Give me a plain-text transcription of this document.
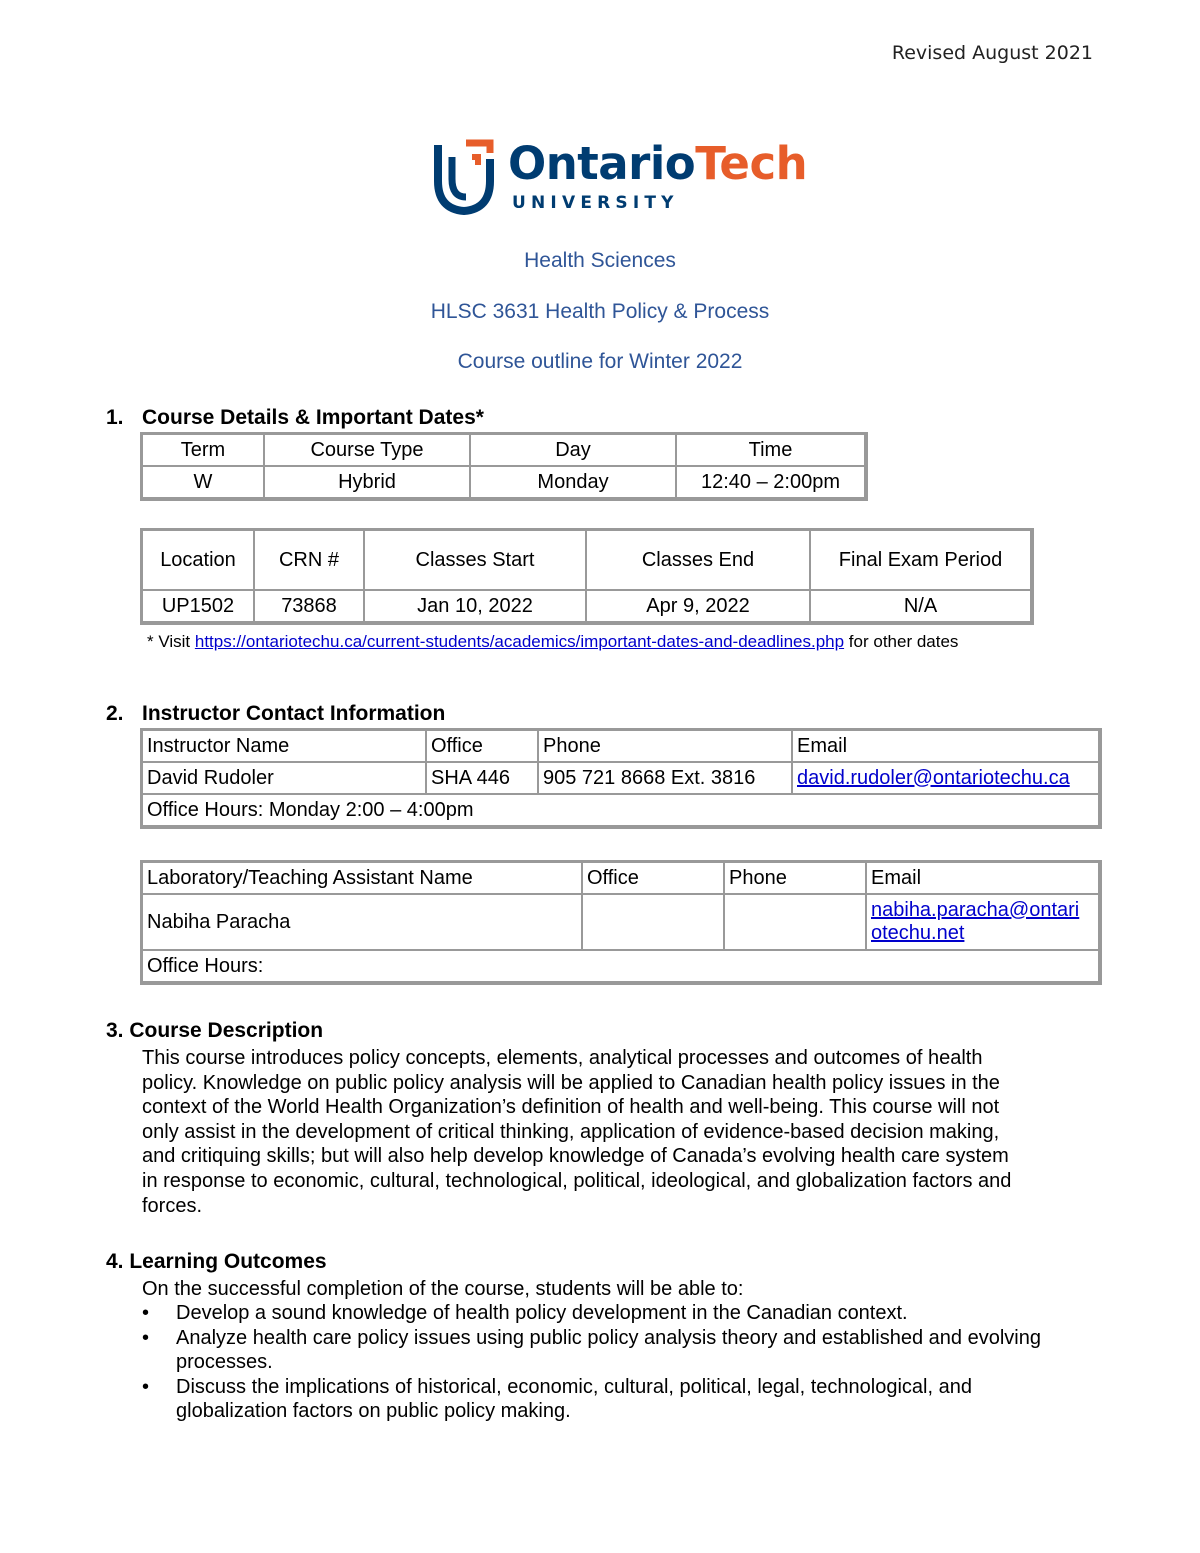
Revised August 2021
OntarioTech
UNIVERSITY
Health Sciences
HLSC 3631 Health Policy & Process
Course outline for Winter 2022
1. Course Details & Important Dates*
Term	Course Type	Day	Time
W	Hybrid	Monday	12:40 – 2:00pm
Location	CRN #	Classes Start	Classes End	Final Exam Period
UP1502	73868	Jan 10, 2022	Apr 9, 2022	N/A
* Visit https://ontariotechu.ca/current-students/academics/important-dates-and-deadlines.php for other dates
2. Instructor Contact Information
Instructor Name	Office	Phone	Email
David Rudoler	SHA 446	905 721 8668 Ext. 3816	david.rudoler@ontariotechu.ca
Office Hours: Monday 2:00 – 4:00pm			
Laboratory/Teaching Assistant Name	Office	Phone	Email
Nabiha Paracha			nabiha.paracha@ontari
otechu.net
Office Hours:			
3. Course Description
This course introduces policy concepts, elements, analytical processes and outcomes of health
policy. Knowledge on public policy analysis will be applied to Canadian health policy issues in the
context of the World Health Organization’s definition of health and well-being. This course will not
only assist in the development of critical thinking, application of evidence-based decision making,
and critiquing skills; but will also help develop knowledge of Canada’s evolving health care system
in response to economic, cultural, technological, political, ideological, and globalization factors and
forces.
4. Learning Outcomes
On the successful completion of the course, students will be able to:
• Develop a sound knowledge of health policy development in the Canadian context.
• Analyze health care policy issues using public policy analysis theory and established and evolving processes.
• Discuss the implications of historical, economic, cultural, political, legal, technological, and globalization factors on public policy making.
